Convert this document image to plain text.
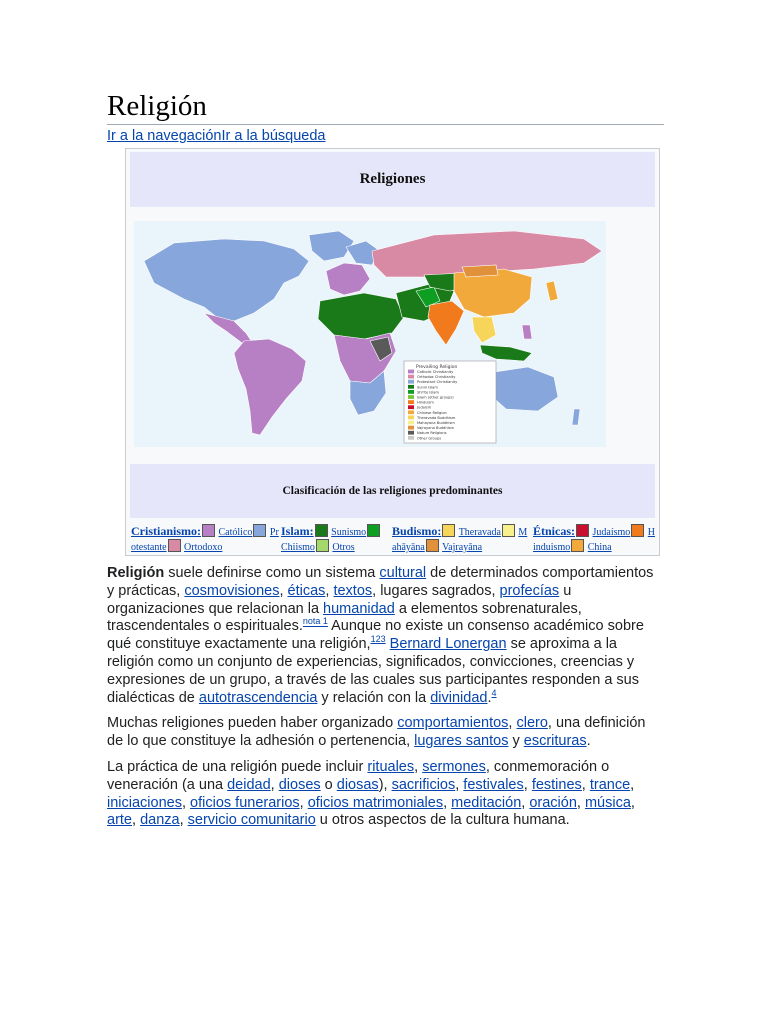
Religión
Ir a la navegaciónIr a la búsqueda
Religiones
Prevailing Religion
Catholic Christianity
Orthodox Christianity
Protestant Christianity
Sunni Islam
Shi'ite Islam
Islam (other groups)
Hinduism
Judaism
Chinese Religion
Theravada Buddhism
Mahayana Buddhism
Vajrayana Buddhism
Nature Religions
Other Groups
Clasificación de las religiones predominantes
Cristianismo: Católico Pr
otestante Ortodoxo
Islam: Sunismo
Chiismo Otros
Budismo: Theravada M
ahāyāna Vajrayāna
Étnicas: Judaísmo H
induismo China

Religión suele definirse como un sistema cultural de determinados comportamientos y prácticas, cosmovisiones, éticas, textos, lugares sagrados, profecías u organizaciones que relacionan la humanidad a elementos sobrenaturales, trascendentales o espirituales.$^{nota 1}$ Aunque no existe un consenso académico sobre qué constituye exactamente una religión,$^{1​2​3}$ Bernard Lonergan se aproxima a la religión como un conjunto de experiencias, significados, convicciones, creencias y expresiones de un grupo, a través de las cuales sus participantes responden a sus dialécticas de autotrascendencia y relación con la divinidad.$^4$

Muchas religiones pueden haber organizado comportamientos, clero, una definición de lo que constituye la adhesión o pertenencia, lugares santos y escrituras.

La práctica de una religión puede incluir rituales, sermones, conmemoración o veneración (a una deidad, dioses o diosas), sacrificios, festivales, festines, trance, iniciaciones, oficios funerarios, oficios matrimoniales, meditación, oración, música, arte, danza, servicio comunitario u otros aspectos de la cultura humana.
